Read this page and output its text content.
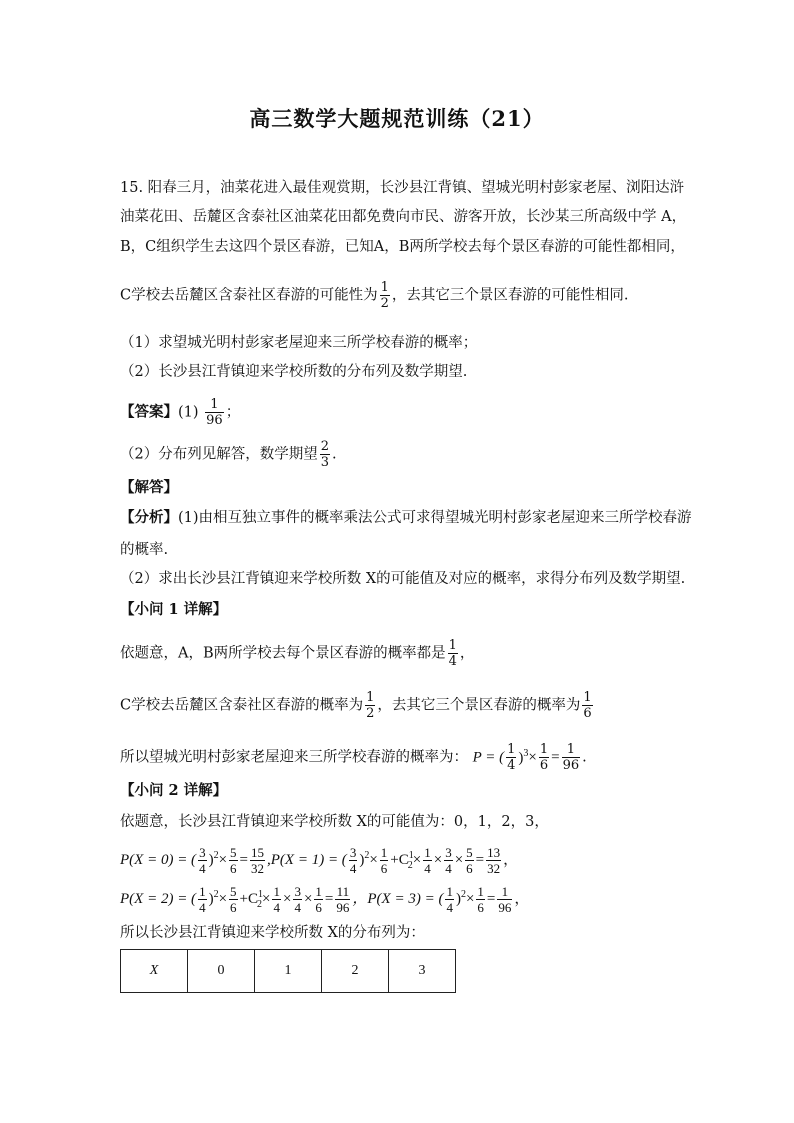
高三数学大题规范训练（21）
15. 阳春三月，油菜花进入最佳观赏期，长沙县江背镇、望城光明村彭家老屋、浏阳达浒
油菜花田、岳麓区含泰社区油菜花田都免费向市民、游客开放，长沙某三所高级中学 A，
B，C组织学生去这四个景区春游，已知A，B两所学校去每个景区春游的可能性都相同，
C学校去岳麓区含泰社区春游的可能性为 $\frac{1}{2}$ ，去其它三个景区春游的可能性相同.
（1）求望城光明村彭家老屋迎来三所学校春游的概率；
（2）长沙县江背镇迎来学校所数的分布列及数学期望.
【答案】$(1) \frac{1}{96}$ ；
（2）分布列见解答，数学期望 $\frac{2}{3}$ .
【解答】
【分析】(1)由相互独立事件的概率乘法公式可求得望城光明村彭家老屋迎来三所学校春游
的概率.
（2）求出长沙县江背镇迎来学校所数 X的可能值及对应的概率，求得分布列及数学期望.
【小问 1 详解】
依题意，A，B两所学校去每个景区春游的概率都是 $\frac{1}{4}$ ，
C学校去岳麓区含泰社区春游的概率为 $\frac{1}{2}$ ，去其它三个景区春游的概率为 $\frac{1}{6}$
所以望城光明村彭家老屋迎来三所学校春游的概率为： P = ( $\frac{1}{4} )^3\times \frac{1}{6} = \frac{1}{96}$ .
【小问 2 详解】
依题意，长沙县江背镇迎来学校所数 X的可能值为：0，1，2，3，
P(X = 0) = ( $\frac{3}{4} )^2\times \frac{5}{6} = \frac{15}{32} ,P(X = 1)$ = ( $\frac{3}{4} )^2\times \frac{1}{6} +C^1_2\times \frac{1}{4} \times \frac{3}{4} \times \frac{5}{6} = \frac{13}{32}$ ，
P(X = 2) = ( $\frac{1}{4} )^2\times \frac{5}{6} +C^1_2\times \frac{1}{4} \times \frac{3}{4} \times \frac{1}{6} = \frac{11}{96}$ ，P(X = 3) = ( $\frac{1}{4} )^2\times \frac{1}{6} = \frac{1}{96}$ ，
所以长沙县江背镇迎来学校所数 X的分布列为：
X	0	1	2	3
